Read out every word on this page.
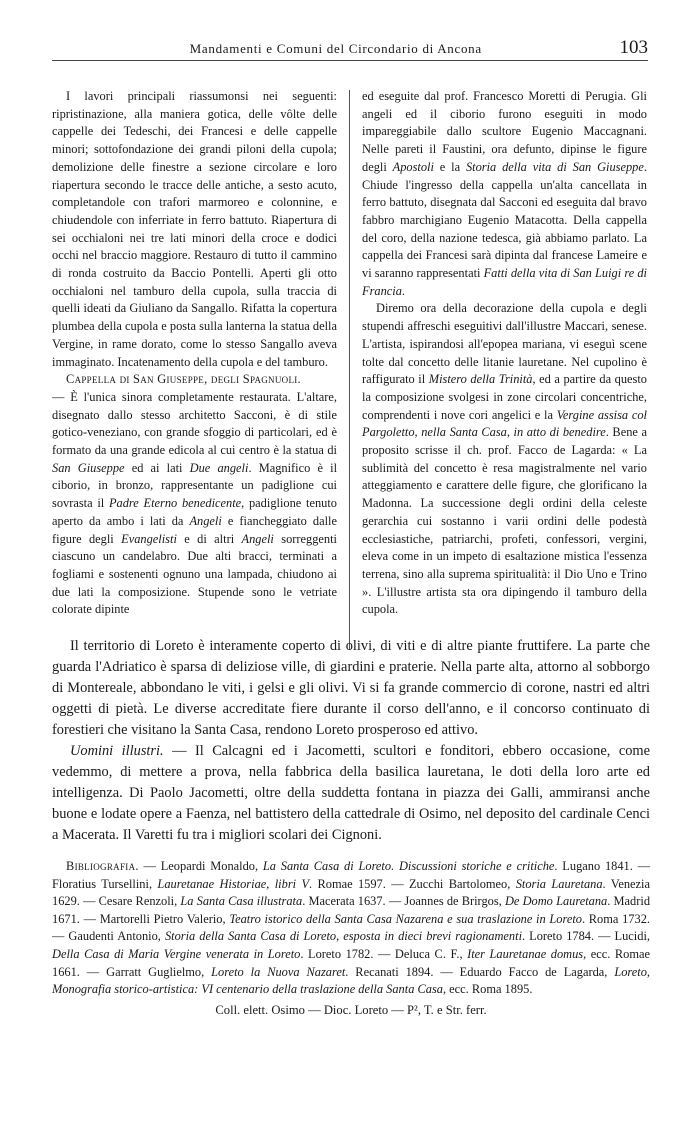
Mandamenti e Comuni del Circondario di Ancona	103

I lavori principali riassumonsi nei seguenti: ripristinazione, alla maniera gotica, delle vôlte delle cappelle dei Tedeschi, dei Francesi e delle cappelle minori; sottofondazione dei grandi piloni della cupola; demolizione delle finestre a sezione circolare e loro riapertura secondo le tracce delle antiche, a sesto acuto, completandole con trafori marmoreo e colonnine, e chiudendole con inferriate in ferro battuto. Riapertura di sei occhialoni nei tre lati minori della croce e dodici occhi nel braccio maggiore. Restauro di tutto il cammino di ronda costruito da Baccio Pontelli. Aperti gli otto occhialoni nel tamburo della cupola, sulla traccia di quelli ideati da Giuliano da Sangallo. Rifatta la copertura plumbea della cupola e posta sulla lanterna la statua della Vergine, in rame dorato, come lo stesso Sangallo aveva immaginato. Incatenamento della cupola e del tamburo.

Cappella di San Giuseppe, degli Spagnuoli.
— È l'unica sinora completamente restaurata. L'altare, disegnato dallo stesso architetto Sacconi, è di stile gotico-veneziano, con grande sfoggio di particolari, ed è formato da una grande edicola al cui centro è la statua di San Giuseppe ed ai lati Due angeli. Magnifico è il ciborio, in bronzo, rappresentante un padiglione cui sovrasta il Padre Eterno benedicente, padiglione tenuto aperto da ambo i lati da Angeli e fiancheggiato dalle figure degli Evangelisti e di altri Angeli sorreggenti ciascuno un candelabro. Due alti bracci, terminati a fogliami e sostenenti ognuno una lampada, chiudono ai due lati la composizione. Stupende sono le vetriate colorate dipinte

ed eseguite dal prof. Francesco Moretti di Perugia. Gli angeli ed il ciborio furono eseguiti in modo impareggiabile dallo scultore Eugenio Maccagnani. Nelle pareti il Faustini, ora defunto, dipinse le figure degli Apostoli e la Storia della vita di San Giuseppe. Chiude l'ingresso della cappella un'alta cancellata in ferro battuto, disegnata dal Sacconi ed eseguita dal bravo fabbro marchigiano Eugenio Matacotta. Della cappella del coro, della nazione tedesca, già abbiamo parlato. La cappella dei Francesi sarà dipinta dal francese Lameire e vi saranno rappresentati Fatti della vita di San Luigi re di Francia.

Diremo ora della decorazione della cupola e degli stupendi affreschi eseguitivi dall'illustre Maccari, senese. L'artista, ispirandosi all'epopea mariana, vi eseguì scene tolte dal concetto delle litanie lauretane. Nel cupolino è raffigurato il Mistero della Trinità, ed a partire da questo la composizione svolgesi in zone circolari concentriche, comprendenti i nove cori angelici e la Vergine assisa col Pargoletto, nella Santa Casa, in atto di benedire. Bene a proposito scrisse il ch. prof. Facco de Lagarda: « La sublimità del concetto è resa magistralmente nel vario atteggiamento e carattere delle figure, che glorificano la Madonna. La successione degli ordini della celeste gerarchia cui sostanno i varii ordini delle podestà ecclesiastiche, patriarchi, profeti, confessori, vergini, eleva come in un impeto di esaltazione mistica l'essenza terrena, sino alla suprema spiritualità: il Dio Uno e Trino ». L'illustre artista sta ora dipingendo il tamburo della cupola.

Il territorio di Loreto è interamente coperto di olivi, di viti e di altre piante fruttifere. La parte che guarda l'Adriatico è sparsa di deliziose ville, di giardini e praterie. Nella parte alta, attorno al sobborgo di Montereale, abbondano le viti, i gelsi e gli olivi. Vi si fa grande commercio di corone, nastri ed altri oggetti di pietà. Le diverse accreditate fiere durante il corso dell'anno, e il concorso continuato di forestieri che visitano la Santa Casa, rendono Loreto prosperoso ed attivo.

Uomini illustri. — Il Calcagni ed i Jacometti, scultori e fonditori, ebbero occasione, come vedemmo, di mettere a prova, nella fabbrica della basilica lauretana, le doti della loro arte ed intelligenza. Di Paolo Jacometti, oltre della suddetta fontana in piazza dei Galli, ammiransi anche buone e lodate opere a Faenza, nel battistero della cattedrale di Osimo, nel deposito del cardinale Cenci a Macerata. Il Varetti fu tra i migliori scolari dei Cignoni.

Bibliografia. — Leopardi Monaldo, La Santa Casa di Loreto. Discussioni storiche e critiche. Lugano 1841. — Floratius Tursellini, Lauretanae Historiae, libri V. Romae 1597. — Zucchi Bartolomeo, Storia Lauretana. Venezia 1629. — Cesare Renzoli, La Santa Casa illustrata. Macerata 1637. — Joannes de Brirgos, De Domo Lauretana. Madrid 1671. — Martorelli Pietro Valerio, Teatro istorico della Santa Casa Nazarena e sua traslazione in Loreto. Roma 1732. — Gaudenti Antonio, Storia della Santa Casa di Loreto, esposta in dieci brevi ragionamenti. Loreto 1784. — Lucidi, Della Casa di Maria Vergine venerata in Loreto. Loreto 1782. — Deluca C. F., Iter Lauretanae domus, ecc. Romae 1661. — Garratt Guglielmo, Loreto la Nuova Nazaret. Recanati 1894. — Eduardo Facco de Lagarda, Loreto, Monografia storico-artistica: VI centenario della traslazione della Santa Casa, ecc. Roma 1895.

Coll. elett. Osimo — Dioc. Loreto — P², T. e Str. ferr.
